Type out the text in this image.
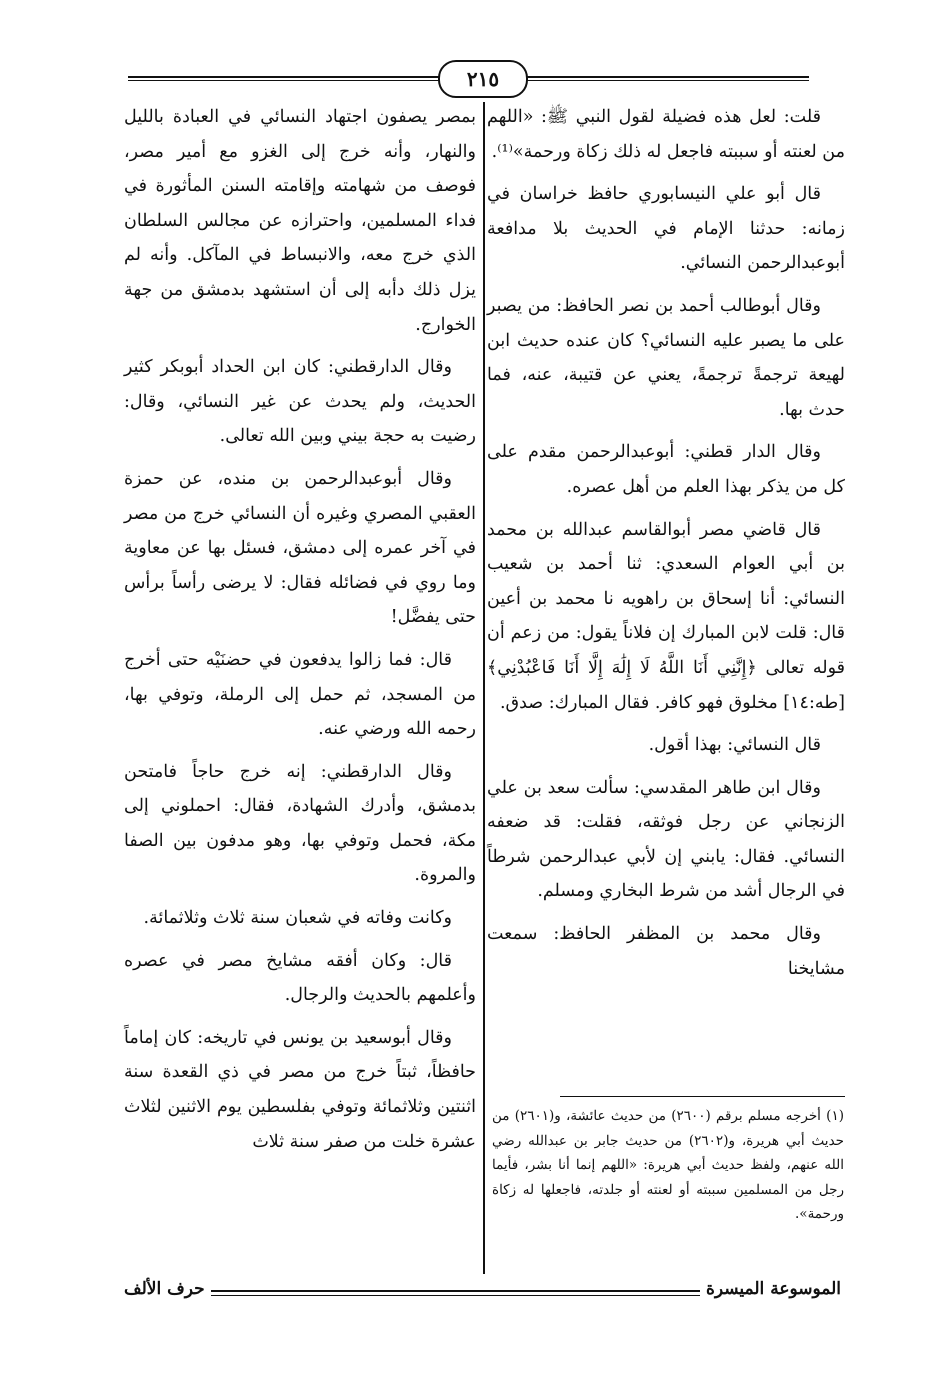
٢١٥

قلت: لعل هذه فضيلة لقول النبي ﷺ: «اللهم من لعنته أو سببته فاجعل له ذلك زكاة ورحمة»⁽¹⁾.

قال أبو علي النيسابوري حافظ خراسان في زمانه: حدثنا الإمام في الحديث بلا مدافعة أبوعبدالرحمن النسائي.

وقال أبوطالب أحمد بن نصر الحافظ: من يصبر على ما يصبر عليه النسائي؟ كان عنده حديث ابن لهيعة ترجمةً ترجمةً، يعني عن قتيبة، عنه، فما حدث بها.

وقال الدار قطني: أبوعبدالرحمن مقدم على كل من يذكر بهذا العلم من أهل عصره.

قال قاضي مصر أبوالقاسم عبدالله بن محمد بن أبي العوام السعدي: ثنا أحمد بن شعيب النسائي: أنا إسحاق بن راهويه نا محمد بن أعين قال: قلت لابن المبارك إن فلاناً يقول: من زعم أن قوله تعالى ﴿إِنَّنِي أَنَا اللَّهُ لَا إِلَٰهَ إِلَّا أَنَا فَاعْبُدْنِي﴾ [طه:١٤] مخلوق فهو كافر. فقال المبارك: صدق.

قال النسائي: بهذا أقول.

وقال ابن طاهر المقدسي: سألت سعد بن علي الزنجاني عن رجل فوثقه، فقلت: قد ضعفه النسائي. فقال: يابني إن لأبي عبدالرحمن شرطاً في الرجال أشد من شرط البخاري ومسلم.

وقال محمد بن المظفر الحافظ: سمعت مشايخنا

بمصر يصفون اجتهاد النسائي في العبادة بالليل والنهار، وأنه خرج إلى الغزو مع أمير مصر، فوصف من شهامته وإقامته السنن المأثورة في فداء المسلمين، واحترازه عن مجالس السلطان الذي خرج معه، والانبساط في المآكل. وأنه لم يزل ذلك دأبه إلى أن استشهد بدمشق من جهة الخوارج.

وقال الدارقطني: كان ابن الحداد أبوبكر كثير الحديث، ولم يحدث عن غير النسائي، وقال: رضيت به حجة بيني وبين الله تعالى.

وقال أبوعبدالرحمن بن منده، عن حمزة العقبي المصري وغيره أن النسائي خرج من مصر في آخر عمره إلى دمشق، فسئل بها عن معاوية وما روي في فضائله فقال: لا يرضى رأساً برأس حتى يفضَّل!

قال: فما زالوا يدفعون في حضنَيْه حتى أخرج من المسجد، ثم حمل إلى الرملة، وتوفي بها، رحمه الله ورضي عنه.

وقال الدارقطني: إنه خرج حاجاً فامتحن بدمشق، وأدرك الشهادة، فقال: احملوني إلى مكة، فحمل وتوفي بها، وهو مدفون بين الصفا والمروة.

وكانت وفاته في شعبان سنة ثلاث وثلاثمائة.

قال: وكان أفقه مشايخ مصر في عصره وأعلمهم بالحديث والرجال.

وقال أبوسعيد بن يونس في تاريخه: كان إماماً حافظاً، ثبتاً خرج من مصر في ذي القعدة سنة اثنتين وثلاثمائة وتوفي بفلسطين يوم الاثنين لثلاث عشرة خلت من صفر سنة ثلاث

(١) أخرجه مسلم برقم (٢٦٠٠) من حديث عائشة، و(٢٦٠١) من حديث أبي هريرة، و(٢٦٠٢) من حديث جابر بن عبدالله رضي الله عنهم، ولفظ حديث أبي هريرة: «اللهم إنما أنا بشر، فأيما رجل من المسلمين سببته أو لعنته أو جلدته، فاجعلها له زكاة ورحمة».
الموسوعة الميسرة
حرف الألف
